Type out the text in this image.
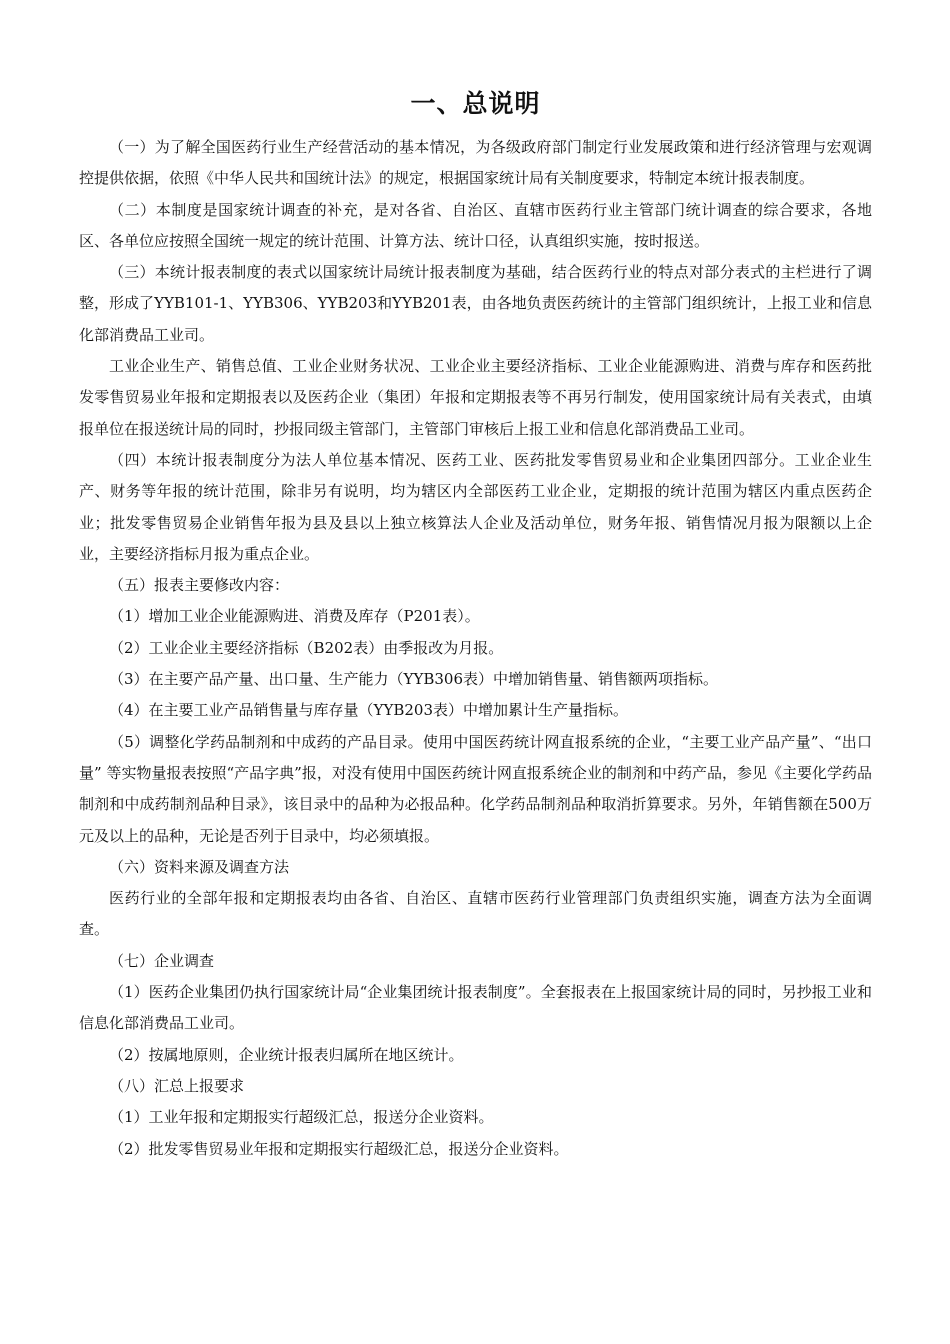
一、总说明

（一）为了解全国医药行业生产经营活动的基本情况，为各级政府部门制定行业发展政策和进行经济管理与宏观调控提供依据，依照《中华人民共和国统计法》的规定，根据国家统计局有关制度要求，特制定本统计报表制度。

（二）本制度是国家统计调查的补充，是对各省、自治区、直辖市医药行业主管部门统计调查的综合要求，各地区、各单位应按照全国统一规定的统计范围、计算方法、统计口径，认真组织实施，按时报送。

（三）本统计报表制度的表式以国家统计局统计报表制度为基础，结合医药行业的特点对部分表式的主栏进行了调整，形成了YYB101-1、YYB306、YYB203和YYB201表，由各地负责医药统计的主管部门组织统计，上报工业和信息化部消费品工业司。

工业企业生产、销售总值、工业企业财务状况、工业企业主要经济指标、工业企业能源购进、消费与库存和医药批发零售贸易业年报和定期报表以及医药企业（集团）年报和定期报表等不再另行制发，使用国家统计局有关表式，由填报单位在报送统计局的同时，抄报同级主管部门，主管部门审核后上报工业和信息化部消费品工业司。

（四）本统计报表制度分为法人单位基本情况、医药工业、医药批发零售贸易业和企业集团四部分。工业企业生产、财务等年报的统计范围，除非另有说明，均为辖区内全部医药工业企业，定期报的统计范围为辖区内重点医药企业；批发零售贸易企业销售年报为县及县以上独立核算法人企业及活动单位，财务年报、销售情况月报为限额以上企业，主要经济指标月报为重点企业。

（五）报表主要修改内容：

（1）增加工业企业能源购进、消费及库存（P201表）。

（2）工业企业主要经济指标（B202表）由季报改为月报。

（3）在主要产品产量、出口量、生产能力（YYB306表）中增加销售量、销售额两项指标。

（4）在主要工业产品销售量与库存量（YYB203表）中增加累计生产量指标。

（5）调整化学药品制剂和中成药的产品目录。使用中国医药统计网直报系统的企业，“主要工业产品产量”、“出口量” 等实物量报表按照“产品字典”报，对没有使用中国医药统计网直报系统企业的制剂和中药产品，参见《主要化学药品制剂和中成药制剂品种目录》，该目录中的品种为必报品种。化学药品制剂品种取消折算要求。另外，年销售额在500万元及以上的品种，无论是否列于目录中，均必须填报。

（六）资料来源及调查方法

医药行业的全部年报和定期报表均由各省、自治区、直辖市医药行业管理部门负责组织实施，调查方法为全面调查。

（七）企业调查

（1）医药企业集团仍执行国家统计局“企业集团统计报表制度”。全套报表在上报国家统计局的同时，另抄报工业和信息化部消费品工业司。

（2）按属地原则，企业统计报表归属所在地区统计。

（八）汇总上报要求

（1）工业年报和定期报实行超级汇总，报送分企业资料。

（2）批发零售贸易业年报和定期报实行超级汇总，报送分企业资料。
